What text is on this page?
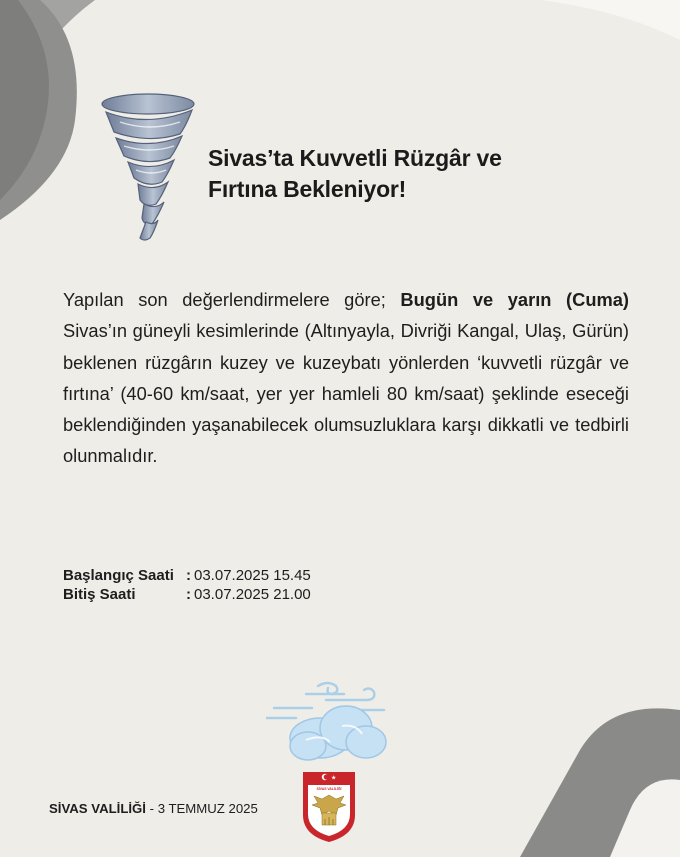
Sivas’ta Kuvvetli Rüzgâr ve
Fırtına Bekleniyor!
Yapılan son değerlendirmelere göre; Bugün ve yarın (Cuma) Sivas’ın güneyli kesimlerinde (Altınyayla, Divriği Kangal, Ulaş, Gürün) beklenen rüzgârın kuzey ve kuzeybatı yönlerden ‘kuvvetli rüzgâr ve fırtına’ (40-60 km/saat, yer yer hamleli 80 km/saat) şeklinde eseceği beklendiğinden yaşanabilecek olumsuzluklara karşı dikkatli ve tedbirli olunmalıdır.
Başlangıç Saati : 03.07.2025 15.45
Bitiş Saati	: 03.07.2025 21.00
SİVAS VALİLİĞİ - 3 TEMMUZ 2025
★
SİVAS VALİLİĞİ
